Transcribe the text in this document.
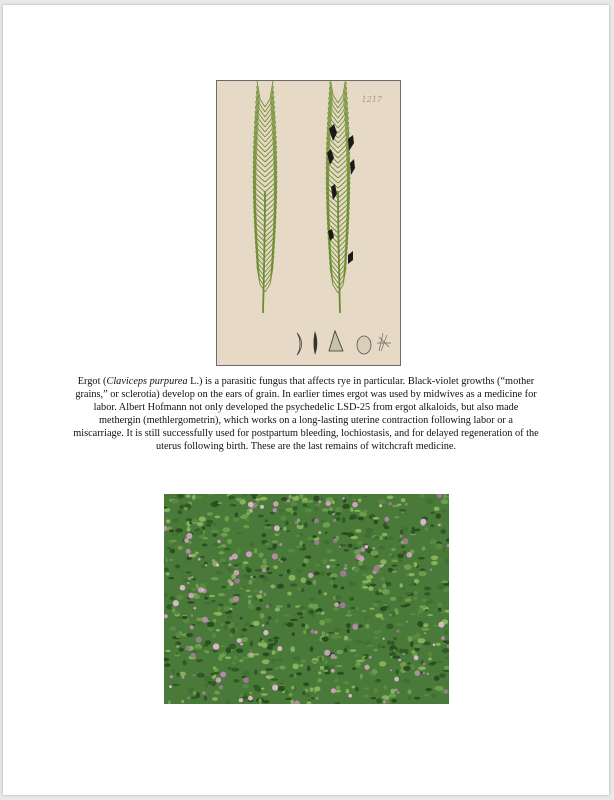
1217

Ergot (Claviceps purpurea L.) is a parasitic fungus that affects rye in particular. Black-violet growths (“mother grains,” or sclerotia) develop on the ears of grain. In earlier times ergot was used by midwives as a medicine for labor. Albert Hofmann not only developed the psychedelic LSD-25 from ergot alkaloids, but also made methergin (methlergometrin), which works on a long-lasting uterine contraction following labor or a miscarriage. It is still successfully used for postpartum bleeding, lochiostasis, and for delayed regeneration of the uterus following birth. These are the last remains of witchcraft medicine.
